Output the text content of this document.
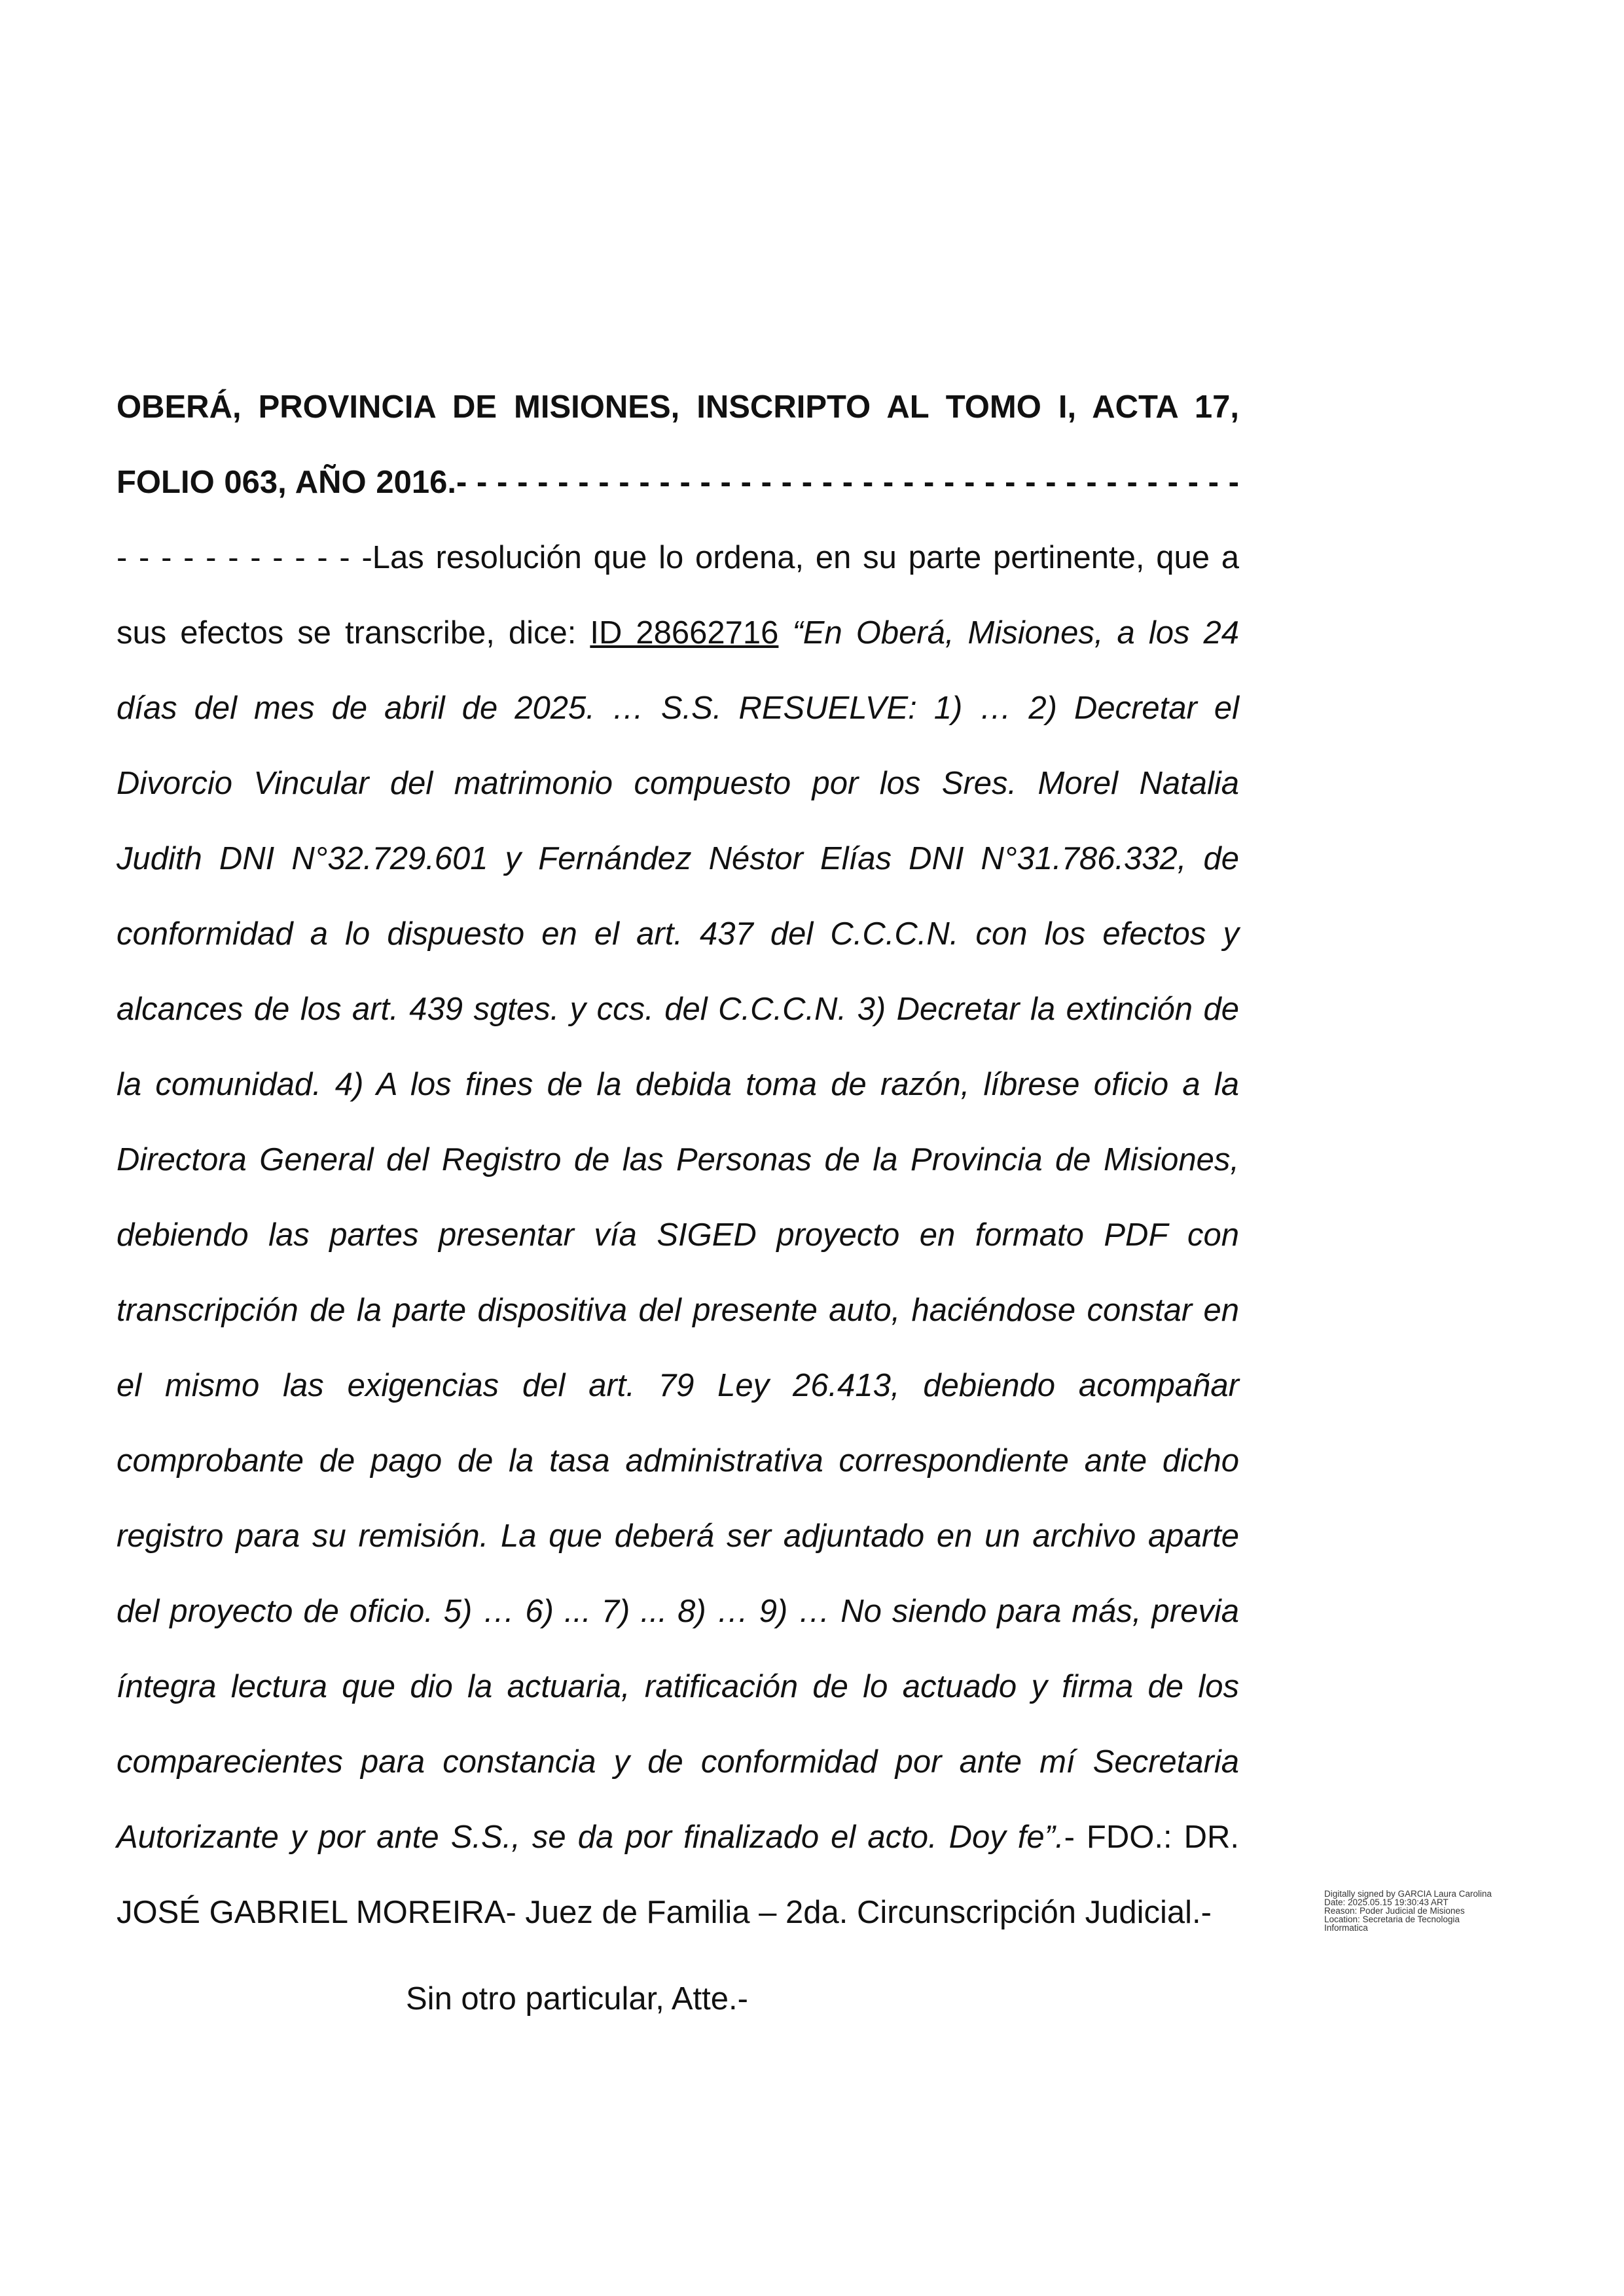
OBERÁ, PROVINCIA DE MISIONES, INSCRIPTO AL TOMO I, ACTA 17,
FOLIO 063, AÑO 2016.- - - - - - - - - - - - - - - - - - - - - - - - - - - - - - - - - - - - - - -
- - - - - - - - - - - -Las resolución que lo ordena, en su parte pertinente, que a
sus efectos se transcribe, dice: ID 28662716 “En Oberá, Misiones, a los 24
días del mes de abril de 2025. … S.S. RESUELVE: 1) … 2) Decretar el
Divorcio Vincular del matrimonio compuesto por los Sres. Morel Natalia
Judith DNI N°32.729.601 y Fernández Néstor Elías DNI N°31.786.332, de
conformidad a lo dispuesto en el art. 437 del C.C.C.N. con los efectos y
alcances de los art. 439 sgtes. y ccs. del C.C.C.N. 3) Decretar la extinción de
la comunidad. 4) A los fines de la debida toma de razón, líbrese oficio a la
Directora General del Registro de las Personas de la Provincia de Misiones,
debiendo las partes presentar vía SIGED proyecto en formato PDF con
transcripción de la parte dispositiva del presente auto, haciéndose constar en
el mismo las exigencias del art. 79 Ley 26.413, debiendo acompañar
comprobante de pago de la tasa administrativa correspondiente ante dicho
registro para su remisión. La que deberá ser adjuntado en un archivo aparte
del proyecto de oficio. 5) … 6) ... 7) ... 8) … 9) … No siendo para más, previa
íntegra lectura que dio la actuaria, ratificación de lo actuado y firma de los
comparecientes para constancia y de conformidad por ante mí Secretaria
Autorizante y por ante S.S., se da por finalizado el acto. Doy fe”.- FDO.: DR.
JOSÉ GABRIEL MOREIRA- Juez de Familia – 2da. Circunscripción Judicial.-
Sin otro particular, Atte.-
Digitally signed by GARCIA Laura Carolina
Date: 2025.05.15 19:30:43 ART
Reason: Poder Judicial de Misiones
Location: Secretaria de Tecnologia
Informatica
